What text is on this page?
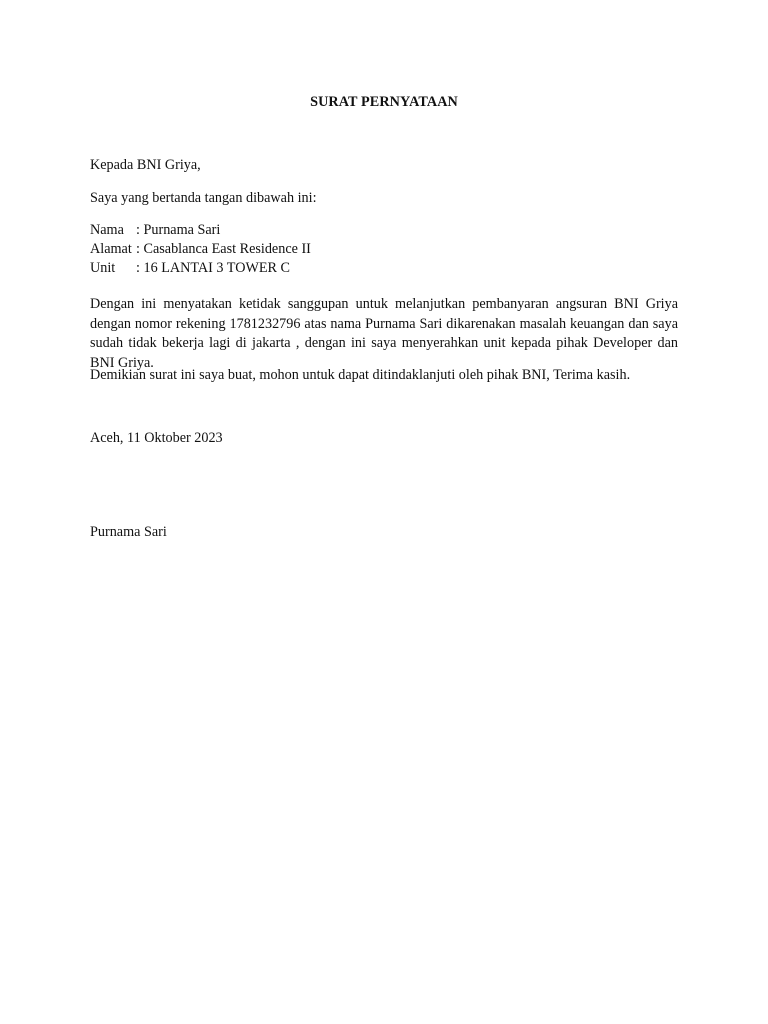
SURAT PERNYATAAN
Kepada BNI Griya,
Saya yang bertanda tangan dibawah ini:
Nama : Purnama Sari
Alamat : Casablanca East Residence II
Unit : 16 LANTAI 3 TOWER C
Dengan ini menyatakan ketidak sanggupan untuk melanjutkan pembanyaran angsuran BNI Griya dengan nomor rekening 1781232796 atas nama Purnama Sari dikarenakan masalah keuangan dan saya sudah tidak bekerja lagi di jakarta , dengan ini saya menyerahkan unit kepada pihak Developer dan BNI Griya.
Demikian surat ini saya buat, mohon untuk dapat ditindaklanjuti oleh pihak BNI, Terima kasih.
Aceh, 11 Oktober 2023
Purnama Sari
